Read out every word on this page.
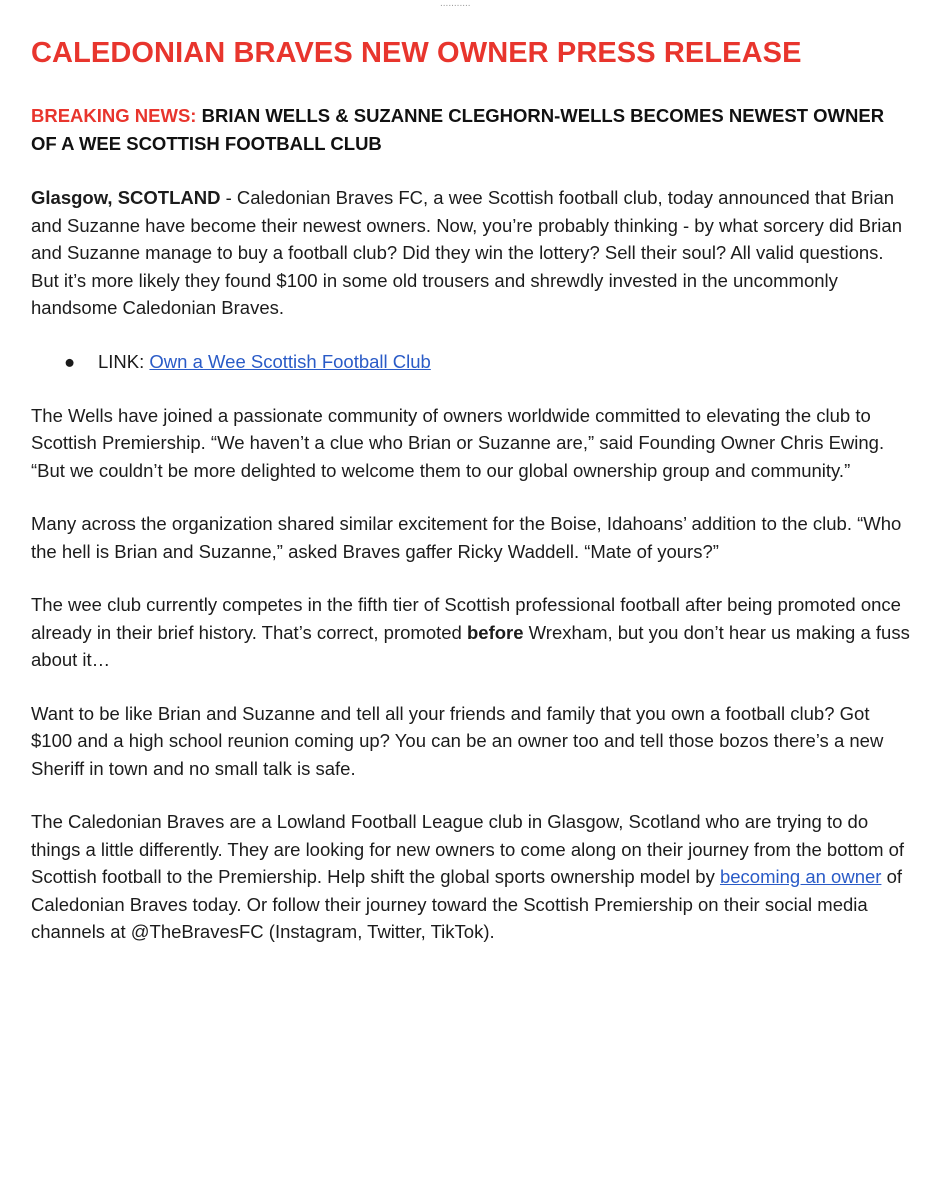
...........
CALEDONIAN BRAVES NEW OWNER PRESS RELEASE
BREAKING NEWS: BRIAN WELLS & SUZANNE CLEGHORN-WELLS BECOMES NEWEST OWNER OF A WEE SCOTTISH FOOTBALL CLUB

Glasgow, SCOTLAND - Caledonian Braves FC, a wee Scottish football club, today announced that Brian and Suzanne have become their newest owners. Now, you’re probably thinking - by what sorcery did Brian and Suzanne manage to buy a football club? Did they win the lottery? Sell their soul? All valid questions. But it’s more likely they found $100 in some old trousers and shrewdly invested in the uncommonly handsome Caledonian Braves.

● LINK: Own a Wee Scottish Football Club

The Wells have joined a passionate community of owners worldwide committed to elevating the club to Scottish Premiership. “We haven’t a clue who Brian or Suzanne are,” said Founding Owner Chris Ewing. “But we couldn’t be more delighted to welcome them to our global ownership group and community.”

Many across the organization shared similar excitement for the Boise, Idahoans’ addition to the club. “Who the hell is Brian and Suzanne,” asked Braves gaffer Ricky Waddell. “Mate of yours?”

The wee club currently competes in the fifth tier of Scottish professional football after being promoted once already in their brief history. That’s correct, promoted before Wrexham, but you don’t hear us making a fuss about it…

Want to be like Brian and Suzanne and tell all your friends and family that you own a football club? Got $100 and a high school reunion coming up? You can be an owner too and tell those bozos there’s a new Sheriff in town and no small talk is safe.

The Caledonian Braves are a Lowland Football League club in Glasgow, Scotland who are trying to do things a little differently. They are looking for new owners to come along on their journey from the bottom of Scottish football to the Premiership. Help shift the global sports ownership model by becoming an owner of Caledonian Braves today. Or follow their journey toward the Scottish Premiership on their social media channels at @TheBravesFC (Instagram, Twitter, TikTok).
